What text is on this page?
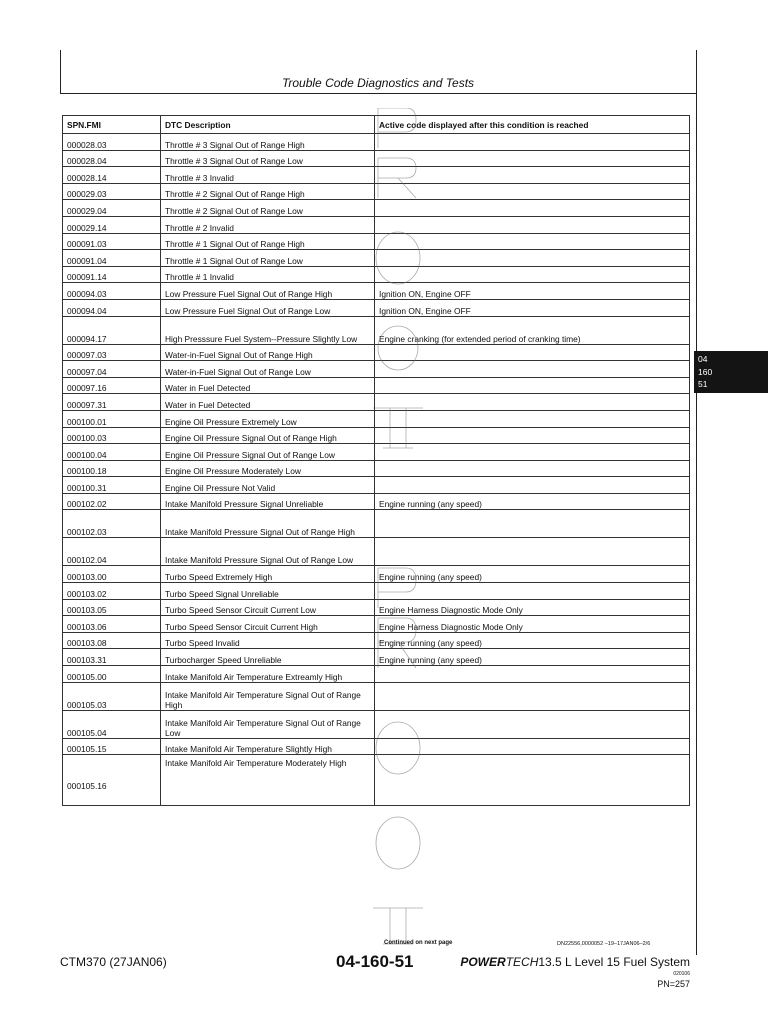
Trouble Code Diagnostics and Tests
SPN.FMI	DTC Description	Active code displayed after this condition is reached
000028.03	Throttle # 3 Signal Out of Range High	
000028.04	Throttle # 3 Signal Out of Range Low	
000028.14	Throttle # 3 Invalid	
000029.03	Throttle # 2 Signal Out of Range High	
000029.04	Throttle # 2 Signal Out of Range Low	
000029.14	Throttle # 2 Invalid	
000091.03	Throttle # 1 Signal Out of Range High	
000091.04	Throttle # 1 Signal Out of Range Low	
000091.14	Throttle # 1 Invalid	
000094.03	Low Pressure Fuel Signal Out of Range High	Ignition ON, Engine OFF
000094.04	Low Pressure Fuel Signal Out of Range Low	Ignition ON, Engine OFF
000094.17	High Presssure Fuel System--Pressure Slightly Low	Engine cranking (for extended period of cranking time)
000097.03	Water-in-Fuel Signal Out of Range High	
000097.04	Water-in-Fuel Signal Out of Range Low	
000097.16	Water in Fuel Detected	
000097.31	Water in Fuel Detected	
000100.01	Engine Oil Pressure Extremely Low	
000100.03	Engine Oil Pressure Signal Out of Range High	
000100.04	Engine Oil Pressure Signal Out of Range Low	
000100.18	Engine Oil Pressure Moderately Low	
000100.31	Engine Oil Pressure Not Valid	
000102.02	Intake Manifold Pressure Signal Unreliable	Engine running (any speed)
000102.03	Intake Manifold Pressure Signal Out of Range High	
000102.04	Intake Manifold Pressure Signal Out of Range Low	
000103.00	Turbo Speed Extremely High	Engine running (any speed)
000103.02	Turbo Speed Signal Unreliable	
000103.05	Turbo Speed Sensor Circuit Current Low	Engine Harness Diagnostic Mode Only
000103.06	Turbo Speed Sensor Circuit Current High	Engine Harness Diagnostic Mode Only
000103.08	Turbo Speed Invalid	Engine running (any speed)
000103.31	Turbocharger Speed Unreliable	Engine running (any speed)
000105.00	Intake Manifold Air Temperature Extreamly High	
000105.03	Intake Manifold Air Temperature Signal Out of Range High	
000105.04	Intake Manifold Air Temperature Signal Out of Range Low	
000105.15	Intake Manifold Air Temperature Slightly High	
000105.16	Intake Manifold Air Temperature Moderately High	
04
160
51
Continued on next page	DN22556,0000052 –19–17JAN06–2/6
CTM370 (27JAN06)	04-160-51	POWERTECH13.5 L Level 15 Fuel System
020106
PN=257
